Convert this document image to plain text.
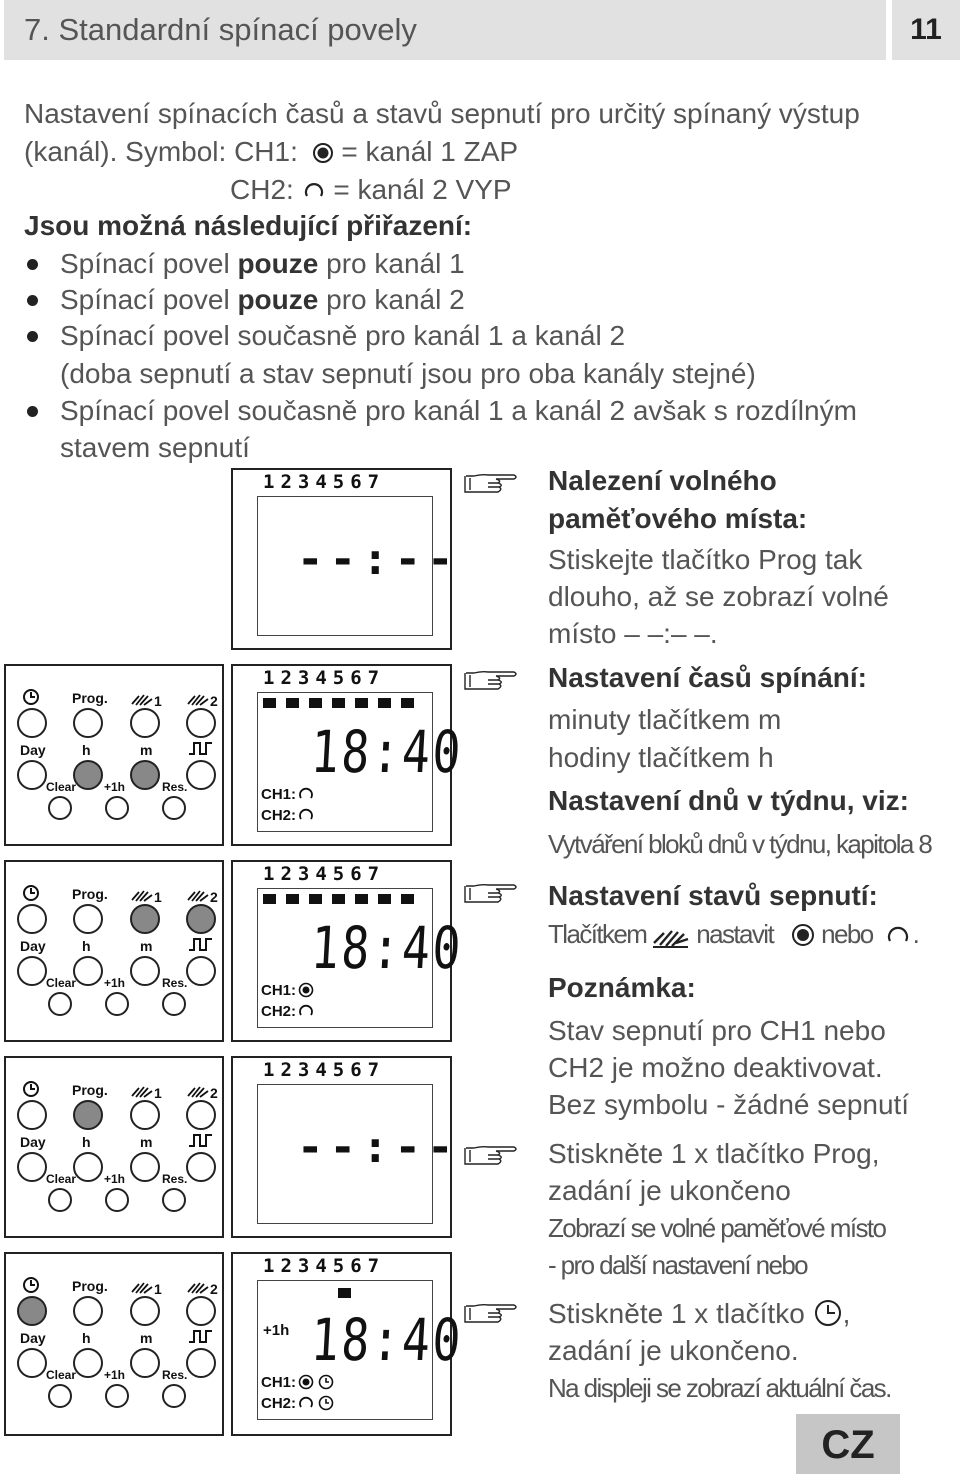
7. Standardní spínací povely	11
Nastavení spínacích časů a stavů sepnutí pro určitý spínaný výstup
(kanál). Symbol: CH1:  = kanál 1 ZAP
CH2:  = kanál 2 VYP
Jsou možná následující přiřazení:
Spínací povel pouze pro kanál 1
Spínací povel pouze pro kanál 2
Spínací povel současně pro kanál 1 a kanál 2
(doba sepnutí a stav sepnutí jsou pro oba kanály stejné)
Spínací povel současně pro kanál 1 a kanál 2 avšak s rozdílným
stavem sepnutí
1234567
--:--
1234567
18:40
CH1:
CH2:
1234567
18:40
CH1:
CH2:
1234567
--:--
1234567
+1h 18:40
CH1:
CH2:
Prog.	1	2
Day	h	m
Clear +1h	Res.
Prog.	1	2
Day	h	m
Clear +1h	Res.
Prog.	1	2
Day	h	m
Clear +1h	Res.
Prog.	1	2
Day	h	m
Clear +1h	Res.
Nalezení volného
paměťového místa:
Stiskejte tlačítko Prog tak
dlouho, až se zobrazí volné
místo – –:– –.
Nastavení časů spínání:
minuty tlačítkem m
hodiny tlačítkem h
Nastavení dnů v týdnu, viz:
Vytváření bloků dnů v týdnu, kapitola 8
Nastavení stavů sepnutí:
Tlačítkem nastavit nebo .
Poznámka:
Stav sepnutí pro CH1 nebo
CH2 je možno deaktivovat.
Bez symbolu - žádné sepnutí
Stiskněte 1 x tlačítko Prog,
zadání je ukončeno
Zobrazí se volné paměťové místo
- pro další nastavení nebo
Stiskněte 1 x tlačítko ,
zadání je ukončeno.
Na displeji se zobrazí aktuální čas.
CZ
